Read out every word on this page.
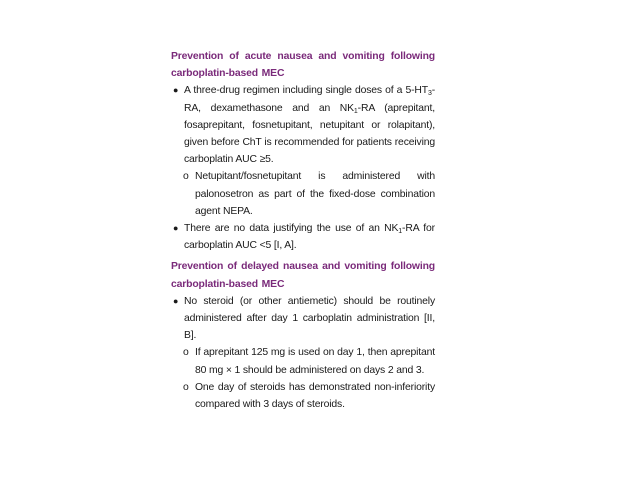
Prevention of acute nausea and vomiting following carboplatin-based MEC
● A three-drug regimen including single doses of a $5-HT_3-RA$, dexamethasone and an $NK_1-RA$ (aprepitant, fosaprepitant, fosnetupitant, netupitant or rolapitant), given before ChT is recommended for patients receiving carboplatin AUC ≥5.
o Netupitant/fosnetupitant is administered with palonosetron as part of the fixed-dose combination agent NEPA.
● There are no data justifying the use of an $NK_1-RA$ for carboplatin AUC <5 [I, A].
Prevention of delayed nausea and vomiting following carboplatin-based MEC
● No steroid (or other antiemetic) should be routinely administered after day 1 carboplatin administration [II, B].
o If aprepitant 125 mg is used on day 1, then aprepitant 80 mg × 1 should be administered on days 2 and 3.
o One day of steroids has demonstrated non-inferiority compared with 3 days of steroids.
